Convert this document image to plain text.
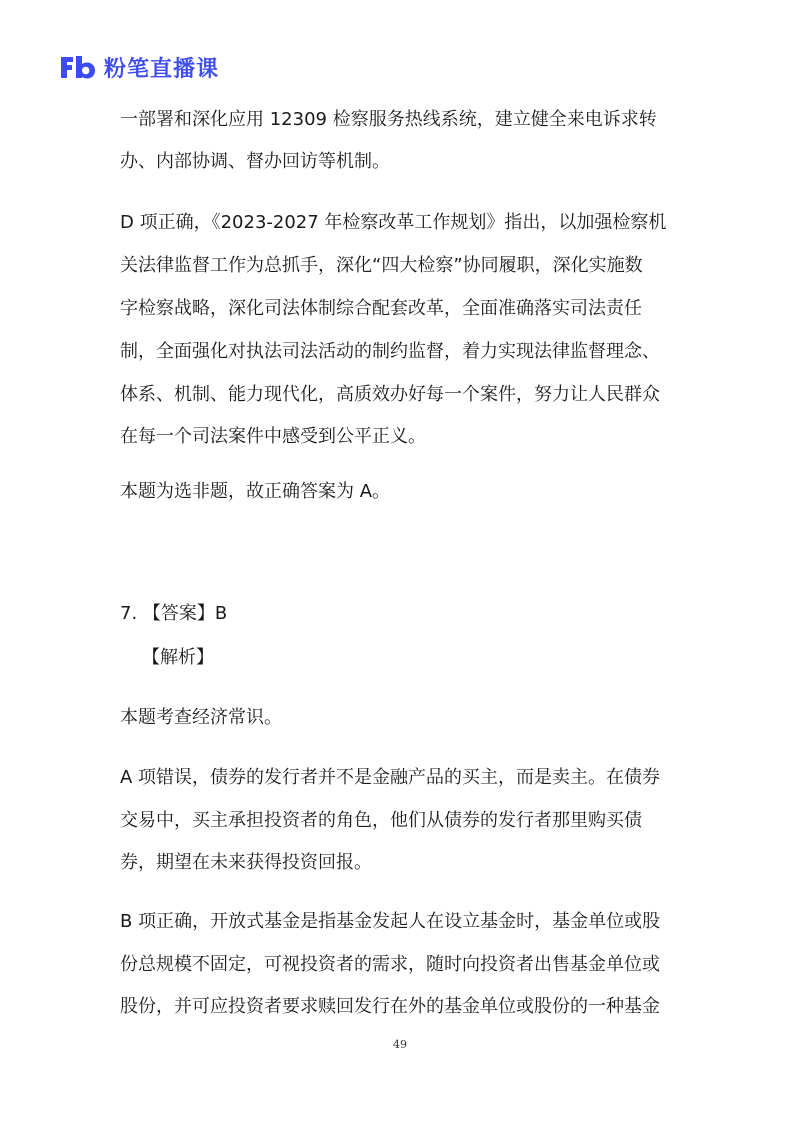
粉笔直播课
一部署和深化应用 12309 检察服务热线系统，建立健全来电诉求转
办、内部协调、督办回访等机制。
D 项正确，《2023-2027 年检察改革工作规划》指出，以加强检察机
关法律监督工作为总抓手，深化“四大检察”协同履职，深化实施数
字检察战略，深化司法体制综合配套改革，全面准确落实司法责任
制，全面强化对执法司法活动的制约监督，着力实现法律监督理念、
体系、机制、能力现代化，高质效办好每一个案件，努力让人民群众
在每一个司法案件中感受到公平正义。
本题为选非题，故正确答案为 A。
7. 【答案】B
【解析】
本题考查经济常识。
A 项错误，债券的发行者并不是金融产品的买主，而是卖主。在债券
交易中，买主承担投资者的角色，他们从债券的发行者那里购买债
券，期望在未来获得投资回报。
B 项正确，开放式基金是指基金发起人在设立基金时，基金单位或股
份总规模不固定，可视投资者的需求，随时向投资者出售基金单位或
股份，并可应投资者要求赎回发行在外的基金单位或股份的一种基金
49
